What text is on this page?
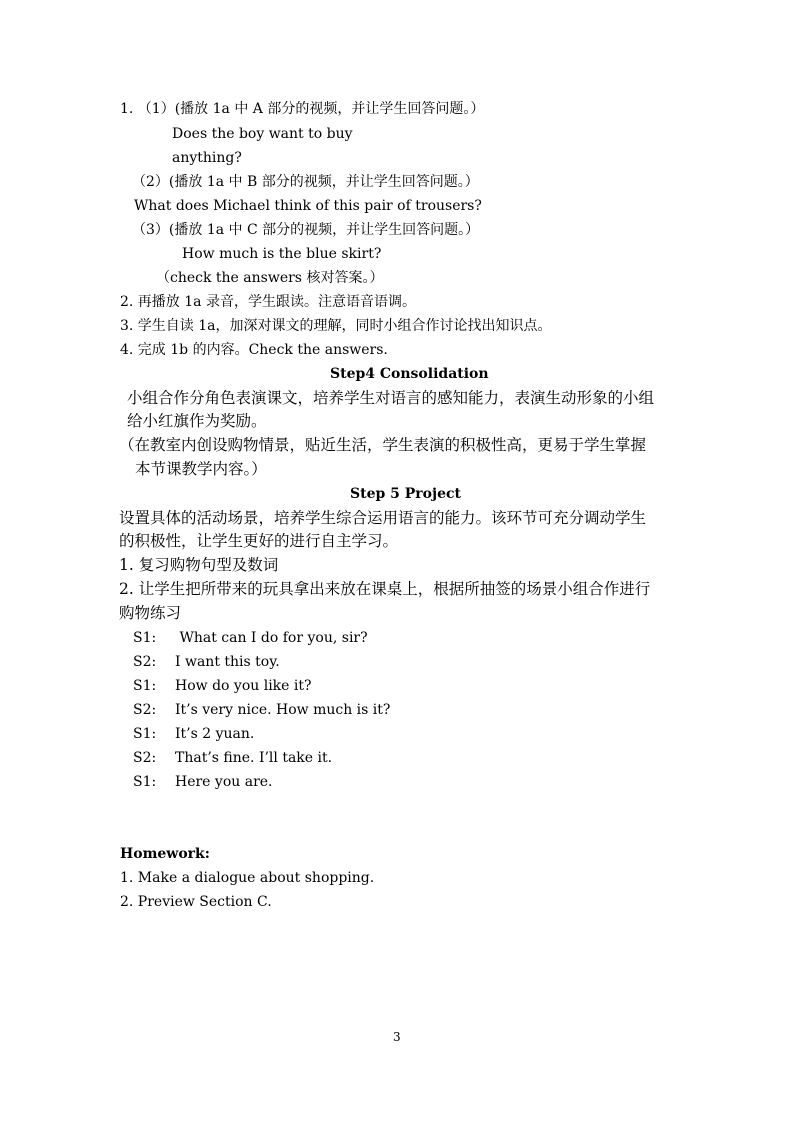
1. （1）(播放 1a 中 A 部分的视频，并让学生回答问题。）
Does the boy want to buy
anything?
（2）(播放 1a 中 B 部分的视频，并让学生回答问题。）
What does Michael think of this pair of trousers?
（3）(播放 1a 中 C 部分的视频，并让学生回答问题。）
How much is the blue skirt?
（check the answers 核对答案。）
2. 再播放 1a 录音，学生跟读。注意语音语调。
3. 学生自读 1a，加深对课文的理解，同时小组合作讨论找出知识点。
4. 完成 1b 的内容。Check the answers.
Step4 Consolidation
小组合作分角色表演课文，培养学生对语言的感知能力，表演生动形象的小组
给小红旗作为奖励。
（在教室内创设购物情景，贴近生活，学生表演的积极性高，更易于学生掌握
本节课教学内容。）
Step 5 Project
设置具体的活动场景，培养学生综合运用语言的能力。该环节可充分调动学生
的积极性，让学生更好的进行自主学习。
1. 复习购物句型及数词
2. 让学生把所带来的玩具拿出来放在课桌上，根据所抽签的场景小组合作进行
购物练习
S1: What can I do for you, sir?
S2: I want this toy.
S1: How do you like it?
S2: It’s very nice. How much is it?
S1: It’s 2 yuan.
S2: That’s fine. I’ll take it.
S1: Here you are.
Homework:
1. Make a dialogue about shopping.
2. Preview Section C.
3
